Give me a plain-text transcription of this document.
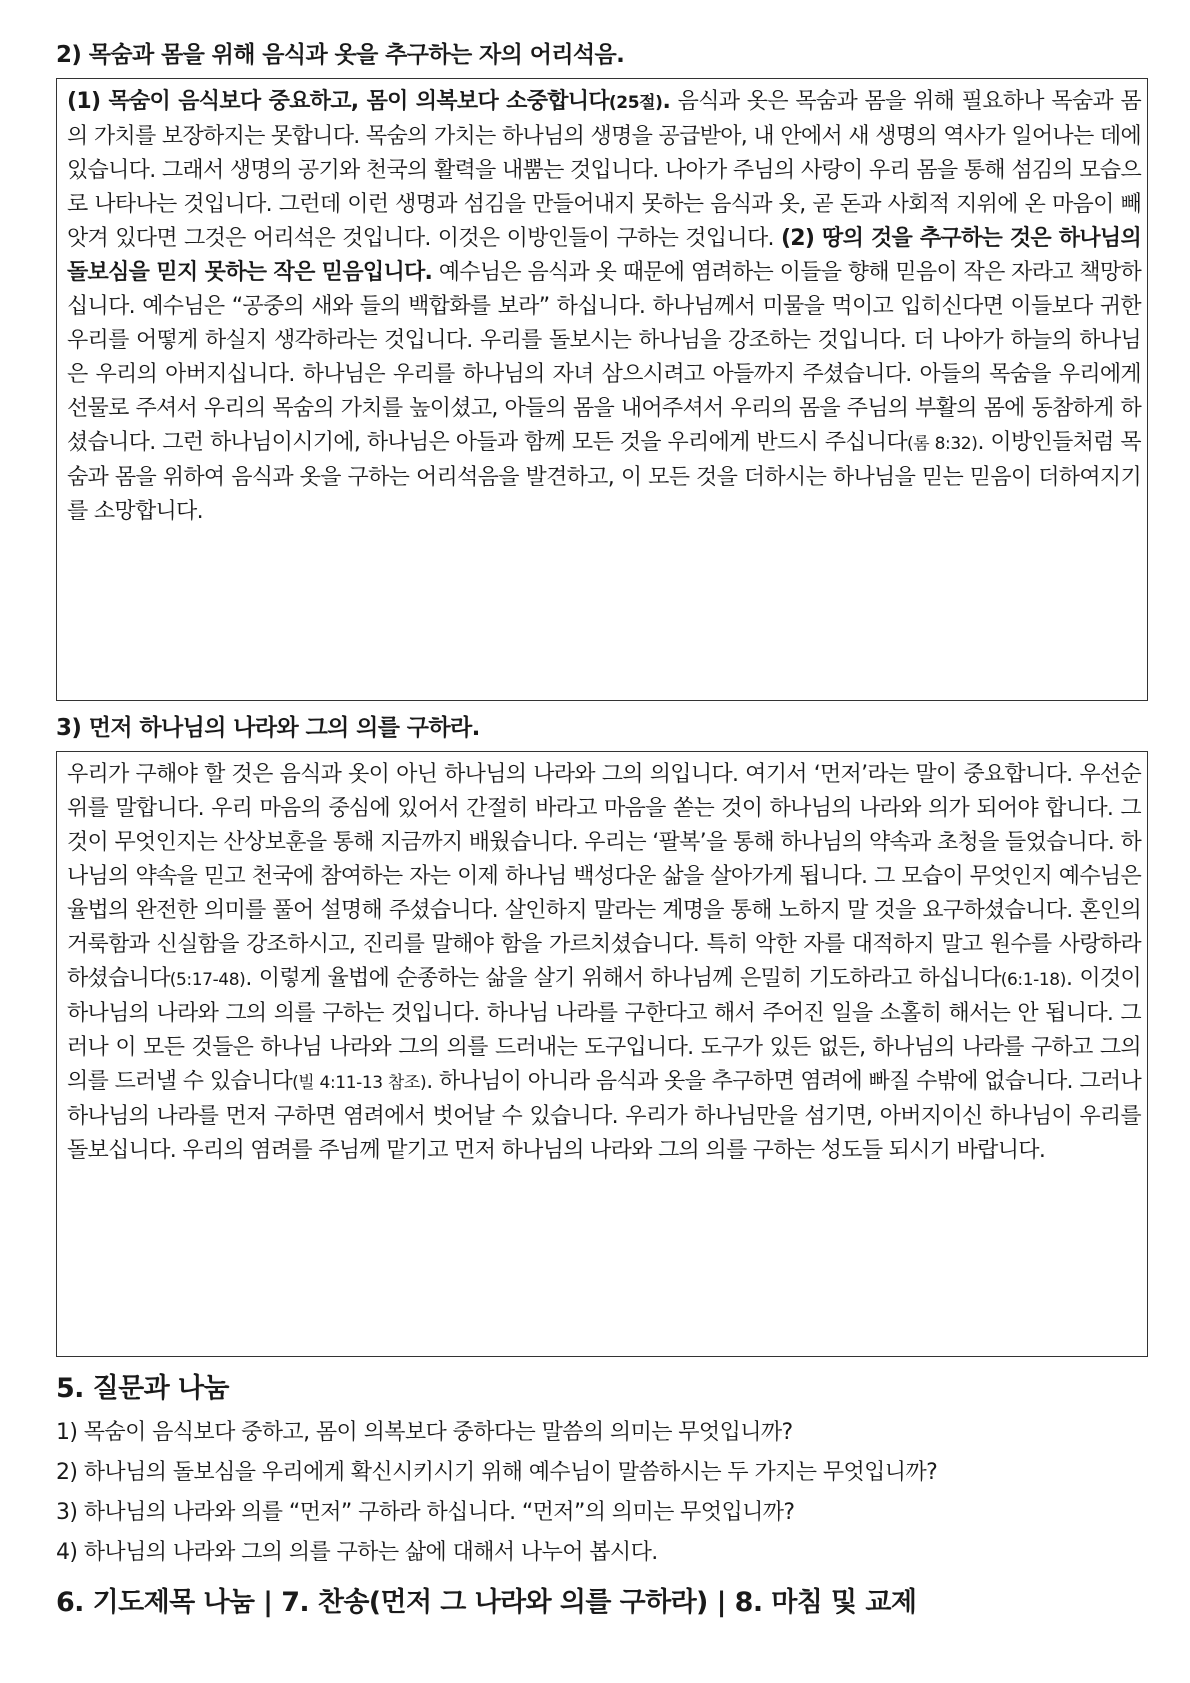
2) 목숨과 몸을 위해 음식과 옷을 추구하는 자의 어리석음.
(1) 목숨이 음식보다 중요하고, 몸이 의복보다 소중합니다(25절). 음식과 옷은 목숨과 몸을 위해 필요하나 목숨과 몸의 가치를 보장하지는 못합니다. 목숨의 가치는 하나님의 생명을 공급받아, 내 안에서 새 생명의 역사가 일어나는 데에 있습니다. 그래서 생명의 공기와 천국의 활력을 내뿜는 것입니다. 나아가 주님의 사랑이 우리 몸을 통해 섬김의 모습으로 나타나는 것입니다. 그런데 이런 생명과 섬김을 만들어내지 못하는 음식과 옷, 곧 돈과 사회적 지위에 온 마음이 빼앗겨 있다면 그것은 어리석은 것입니다. 이것은 이방인들이 구하는 것입니다. (2) 땅의 것을 추구하는 것은 하나님의 돌보심을 믿지 못하는 작은 믿음입니다. 예수님은 음식과 옷 때문에 염려하는 이들을 향해 믿음이 작은 자라고 책망하십니다. 예수님은 “공중의 새와 들의 백합화를 보라” 하십니다. 하나님께서 미물을 먹이고 입히신다면 이들보다 귀한 우리를 어떻게 하실지 생각하라는 것입니다. 우리를 돌보시는 하나님을 강조하는 것입니다. 더 나아가 하늘의 하나님은 우리의 아버지십니다. 하나님은 우리를 하나님의 자녀 삼으시려고 아들까지 주셨습니다. 아들의 목숨을 우리에게 선물로 주셔서 우리의 목숨의 가치를 높이셨고, 아들의 몸을 내어주셔서 우리의 몸을 주님의 부활의 몸에 동참하게 하셨습니다. 그런 하나님이시기에, 하나님은 아들과 함께 모든 것을 우리에게 반드시 주십니다(롬 8:32). 이방인들처럼 목숨과 몸을 위하여 음식과 옷을 구하는 어리석음을 발견하고, 이 모든 것을 더하시는 하나님을 믿는 믿음이 더하여지기를 소망합니다.
3) 먼저 하나님의 나라와 그의 의를 구하라.
우리가 구해야 할 것은 음식과 옷이 아닌 하나님의 나라와 그의 의입니다. 여기서 ‘먼저’라는 말이 중요합니다. 우선순위를 말합니다. 우리 마음의 중심에 있어서 간절히 바라고 마음을 쏟는 것이 하나님의 나라와 의가 되어야 합니다. 그것이 무엇인지는 산상보훈을 통해 지금까지 배웠습니다. 우리는 ‘팔복’을 통해 하나님의 약속과 초청을 들었습니다. 하나님의 약속을 믿고 천국에 참여하는 자는 이제 하나님 백성다운 삶을 살아가게 됩니다. 그 모습이 무엇인지 예수님은 율법의 완전한 의미를 풀어 설명해 주셨습니다. 살인하지 말라는 계명을 통해 노하지 말 것을 요구하셨습니다. 혼인의 거룩함과 신실함을 강조하시고, 진리를 말해야 함을 가르치셨습니다. 특히 악한 자를 대적하지 말고 원수를 사랑하라 하셨습니다(5:17-48). 이렇게 율법에 순종하는 삶을 살기 위해서 하나님께 은밀히 기도하라고 하십니다(6:1-18). 이것이 하나님의 나라와 그의 의를 구하는 것입니다. 하나님 나라를 구한다고 해서 주어진 일을 소홀히 해서는 안 됩니다. 그러나 이 모든 것들은 하나님 나라와 그의 의를 드러내는 도구입니다. 도구가 있든 없든, 하나님의 나라를 구하고 그의 의를 드러낼 수 있습니다(빌 4:11-13 참조). 하나님이 아니라 음식과 옷을 추구하면 염려에 빠질 수밖에 없습니다. 그러나 하나님의 나라를 먼저 구하면 염려에서 벗어날 수 있습니다. 우리가 하나님만을 섬기면, 아버지이신 하나님이 우리를 돌보십니다. 우리의 염려를 주님께 맡기고 먼저 하나님의 나라와 그의 의를 구하는 성도들 되시기 바랍니다.
5. 질문과 나눔

1) 목숨이 음식보다 중하고, 몸이 의복보다 중하다는 말씀의 의미는 무엇입니까?

2) 하나님의 돌보심을 우리에게 확신시키시기 위해 예수님이 말씀하시는 두 가지는 무엇입니까?

3) 하나님의 나라와 의를 “먼저” 구하라 하십니다. “먼저”의 의미는 무엇입니까?

4) 하나님의 나라와 그의 의를 구하는 삶에 대해서 나누어 봅시다.

6. 기도제목 나눔 | 7. 찬송(먼저 그 나라와 의를 구하라) | 8. 마침 및 교제
